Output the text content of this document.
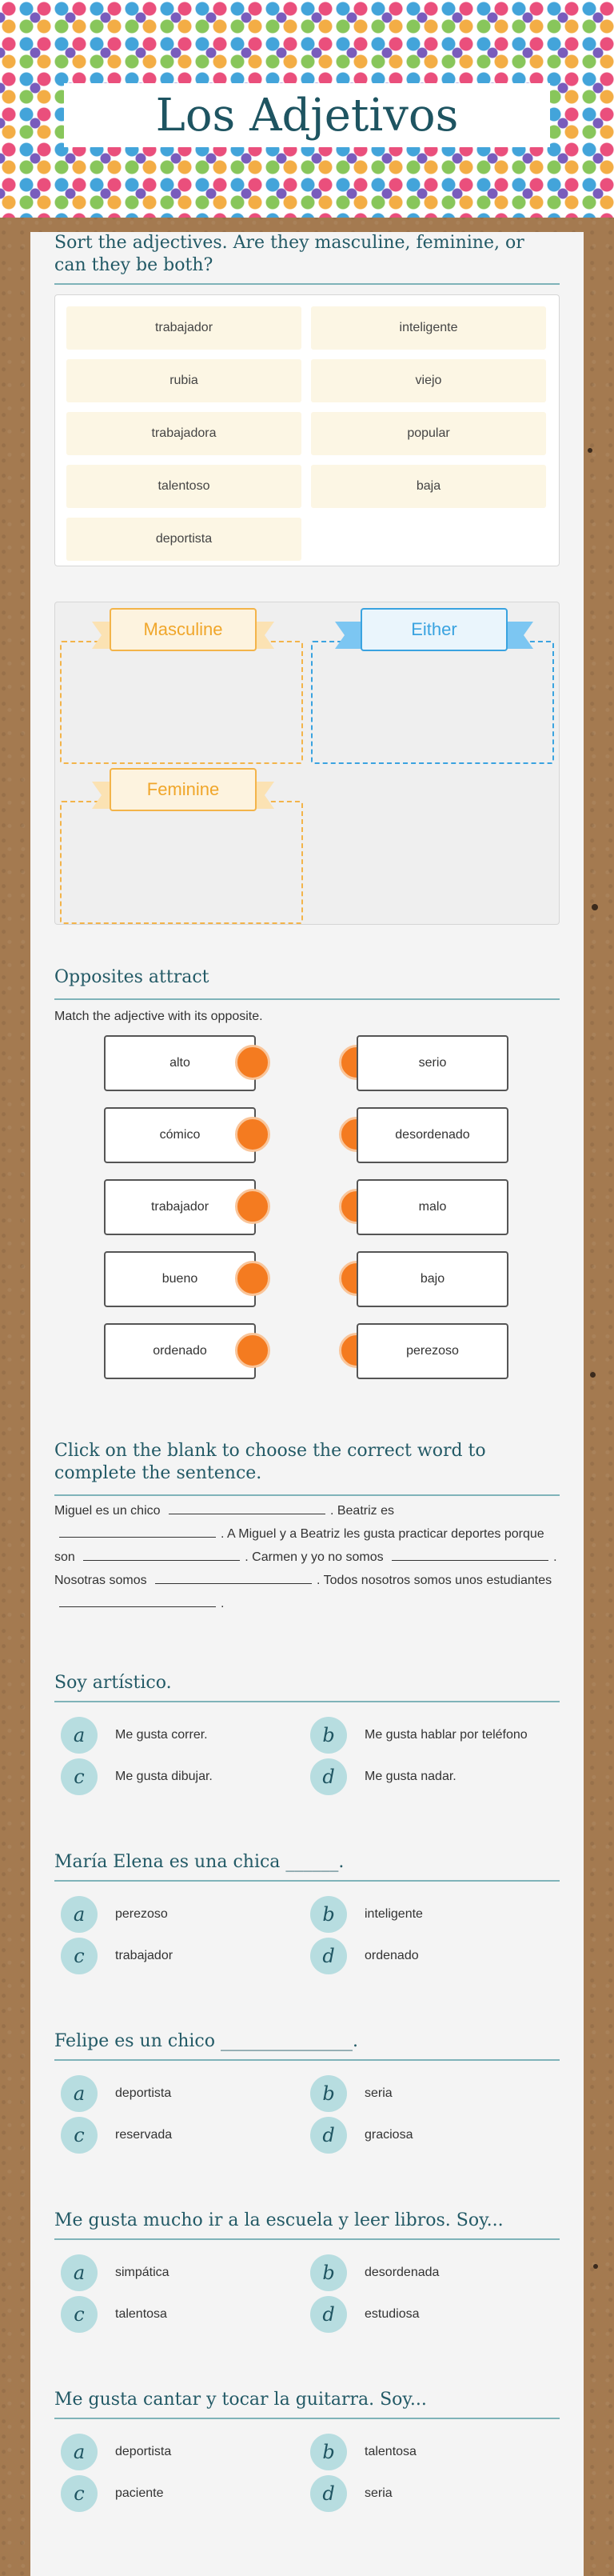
Los Adjetivos
Sort the adjectives. Are they masculine, feminine, or can they be both?
trabajador	inteligente
rubia	viejo
trabajadora	popular
talentoso	baja
deportista
Masculine	Either
Feminine
Opposites attract
Match the adjective with its opposite.
alto	serio
cómico	desordenado
trabajador	malo
bueno	bajo
ordenado	perezoso
Click on the blank to choose the correct word to complete the sentence.
Miguel es un chico	. Beatriz es . A Miguel y a Beatriz les gusta practicar deportes porque son	. Carmen y yo no somos	. Nosotras somos	. Todos nosotros somos unos estudiantes .
Soy artístico.
a	Me gusta correr.	b	Me gusta hablar por teléfono
c	Me gusta dibujar.	d	Me gusta nadar.
María Elena es una chica ______.
a	perezoso	b	inteligente
c	trabajador	d	ordenado
Felipe es un chico _______________.
a	deportista	b	seria
c	reservada	d	graciosa
Me gusta mucho ir a la escuela y leer libros. Soy...
a	simpática	b	desordenada
c	talentosa	d	estudiosa
Me gusta cantar y tocar la guitarra. Soy...
a	deportista	b	talentosa
c	paciente	d	seria
